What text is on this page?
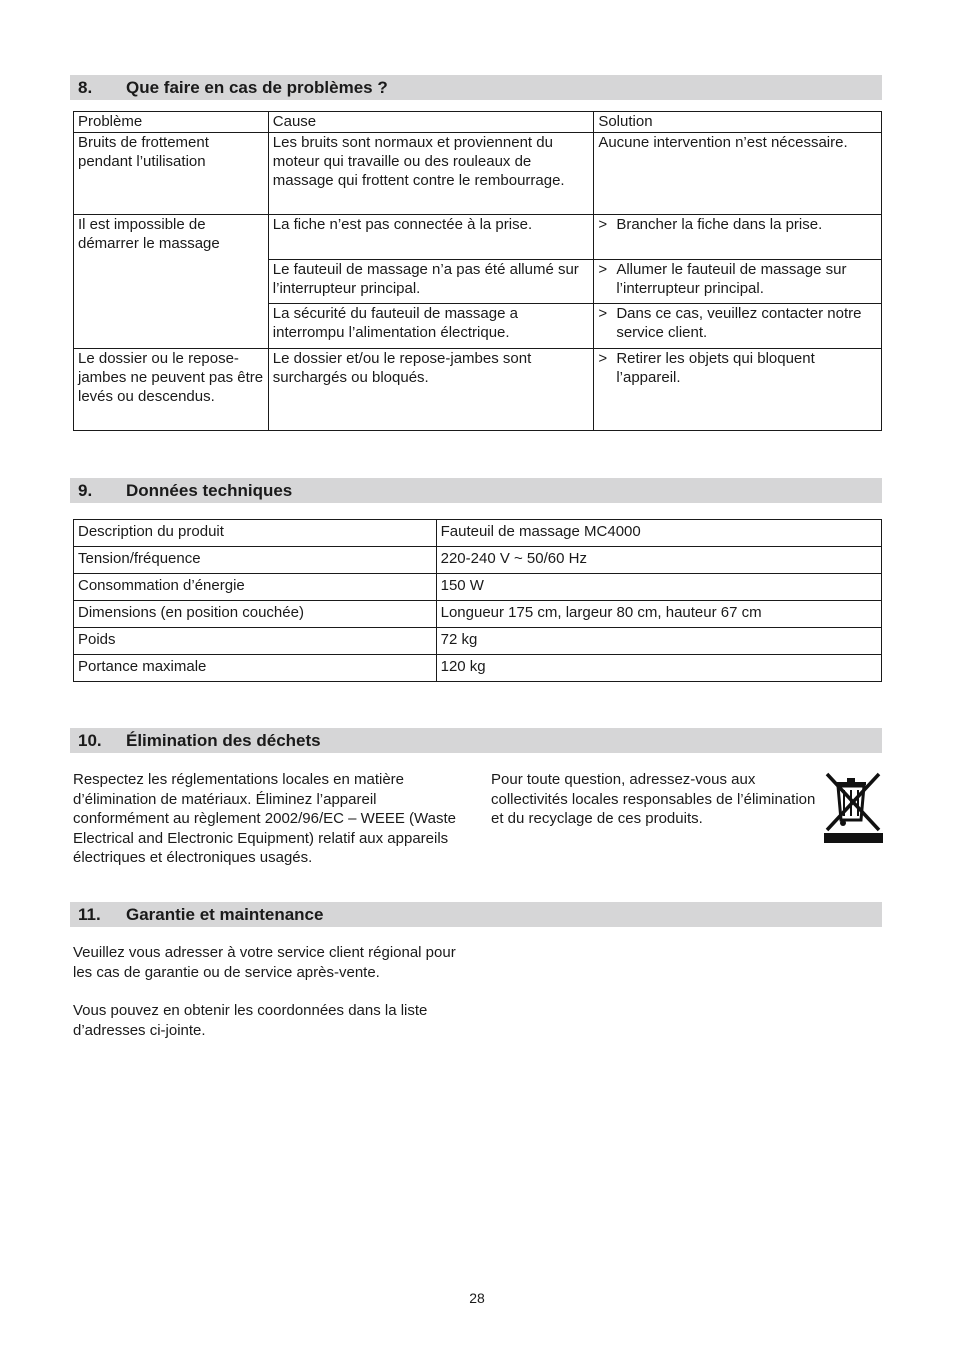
8. Que faire en cas de problèmes ?
Problème	Cause	Solution
Bruits de frottement pendant l’utilisation	Les bruits sont normaux et proviennent du moteur qui travaille ou des rouleaux de massage qui frottent contre le rembourrage.	Aucune intervention n’est nécessaire.

Il est impossible de démarrer le massage	La fiche n’est pas connectée à la prise.	> Brancher la fiche dans la prise.

	Le fauteuil de massage n’a pas été allumé sur l’interrupteur principal.	> Allumer le fauteuil de massage sur l’interrupteur principal.

	La sécurité du fauteuil de massage a interrompu l’alimentation électrique.	> Dans ce cas, veuillez contacter notre service client.

Le dossier ou le repose-jambes ne peuvent pas être levés ou descendus.	Le dossier et/ou le repose-jambes sont surchargés ou bloqués.	> Retirer les objets qui bloquent l’appareil.
9. Données techniques
Description du produit	Fauteuil de massage MC4000
Tension/fréquence	220-240 V ~ 50/60 Hz
Consommation d’énergie	150 W
Dimensions (en position couchée)	Longueur 175 cm, largeur 80 cm, hauteur 67 cm
Poids	72 kg
Portance maximale	120 kg
10. Élimination des déchets

Respectez les réglementations locales en matière d’élimination de matériaux. Éliminez l’appareil conformément au règlement 2002/96/EC – WEEE (Waste Electrical and Electronic Equipment) relatif aux appareils électriques et électroniques usagés.

Pour toute question, adressez-vous aux collectivités locales responsables de l’élimination et du recyclage de ces produits.

11. Garantie et maintenance

Veuillez vous adresser à votre service client régional pour les cas de garantie ou de service après-vente.

Vous pouvez en obtenir les coordonnées dans la liste d’adresses ci-jointe.

28
